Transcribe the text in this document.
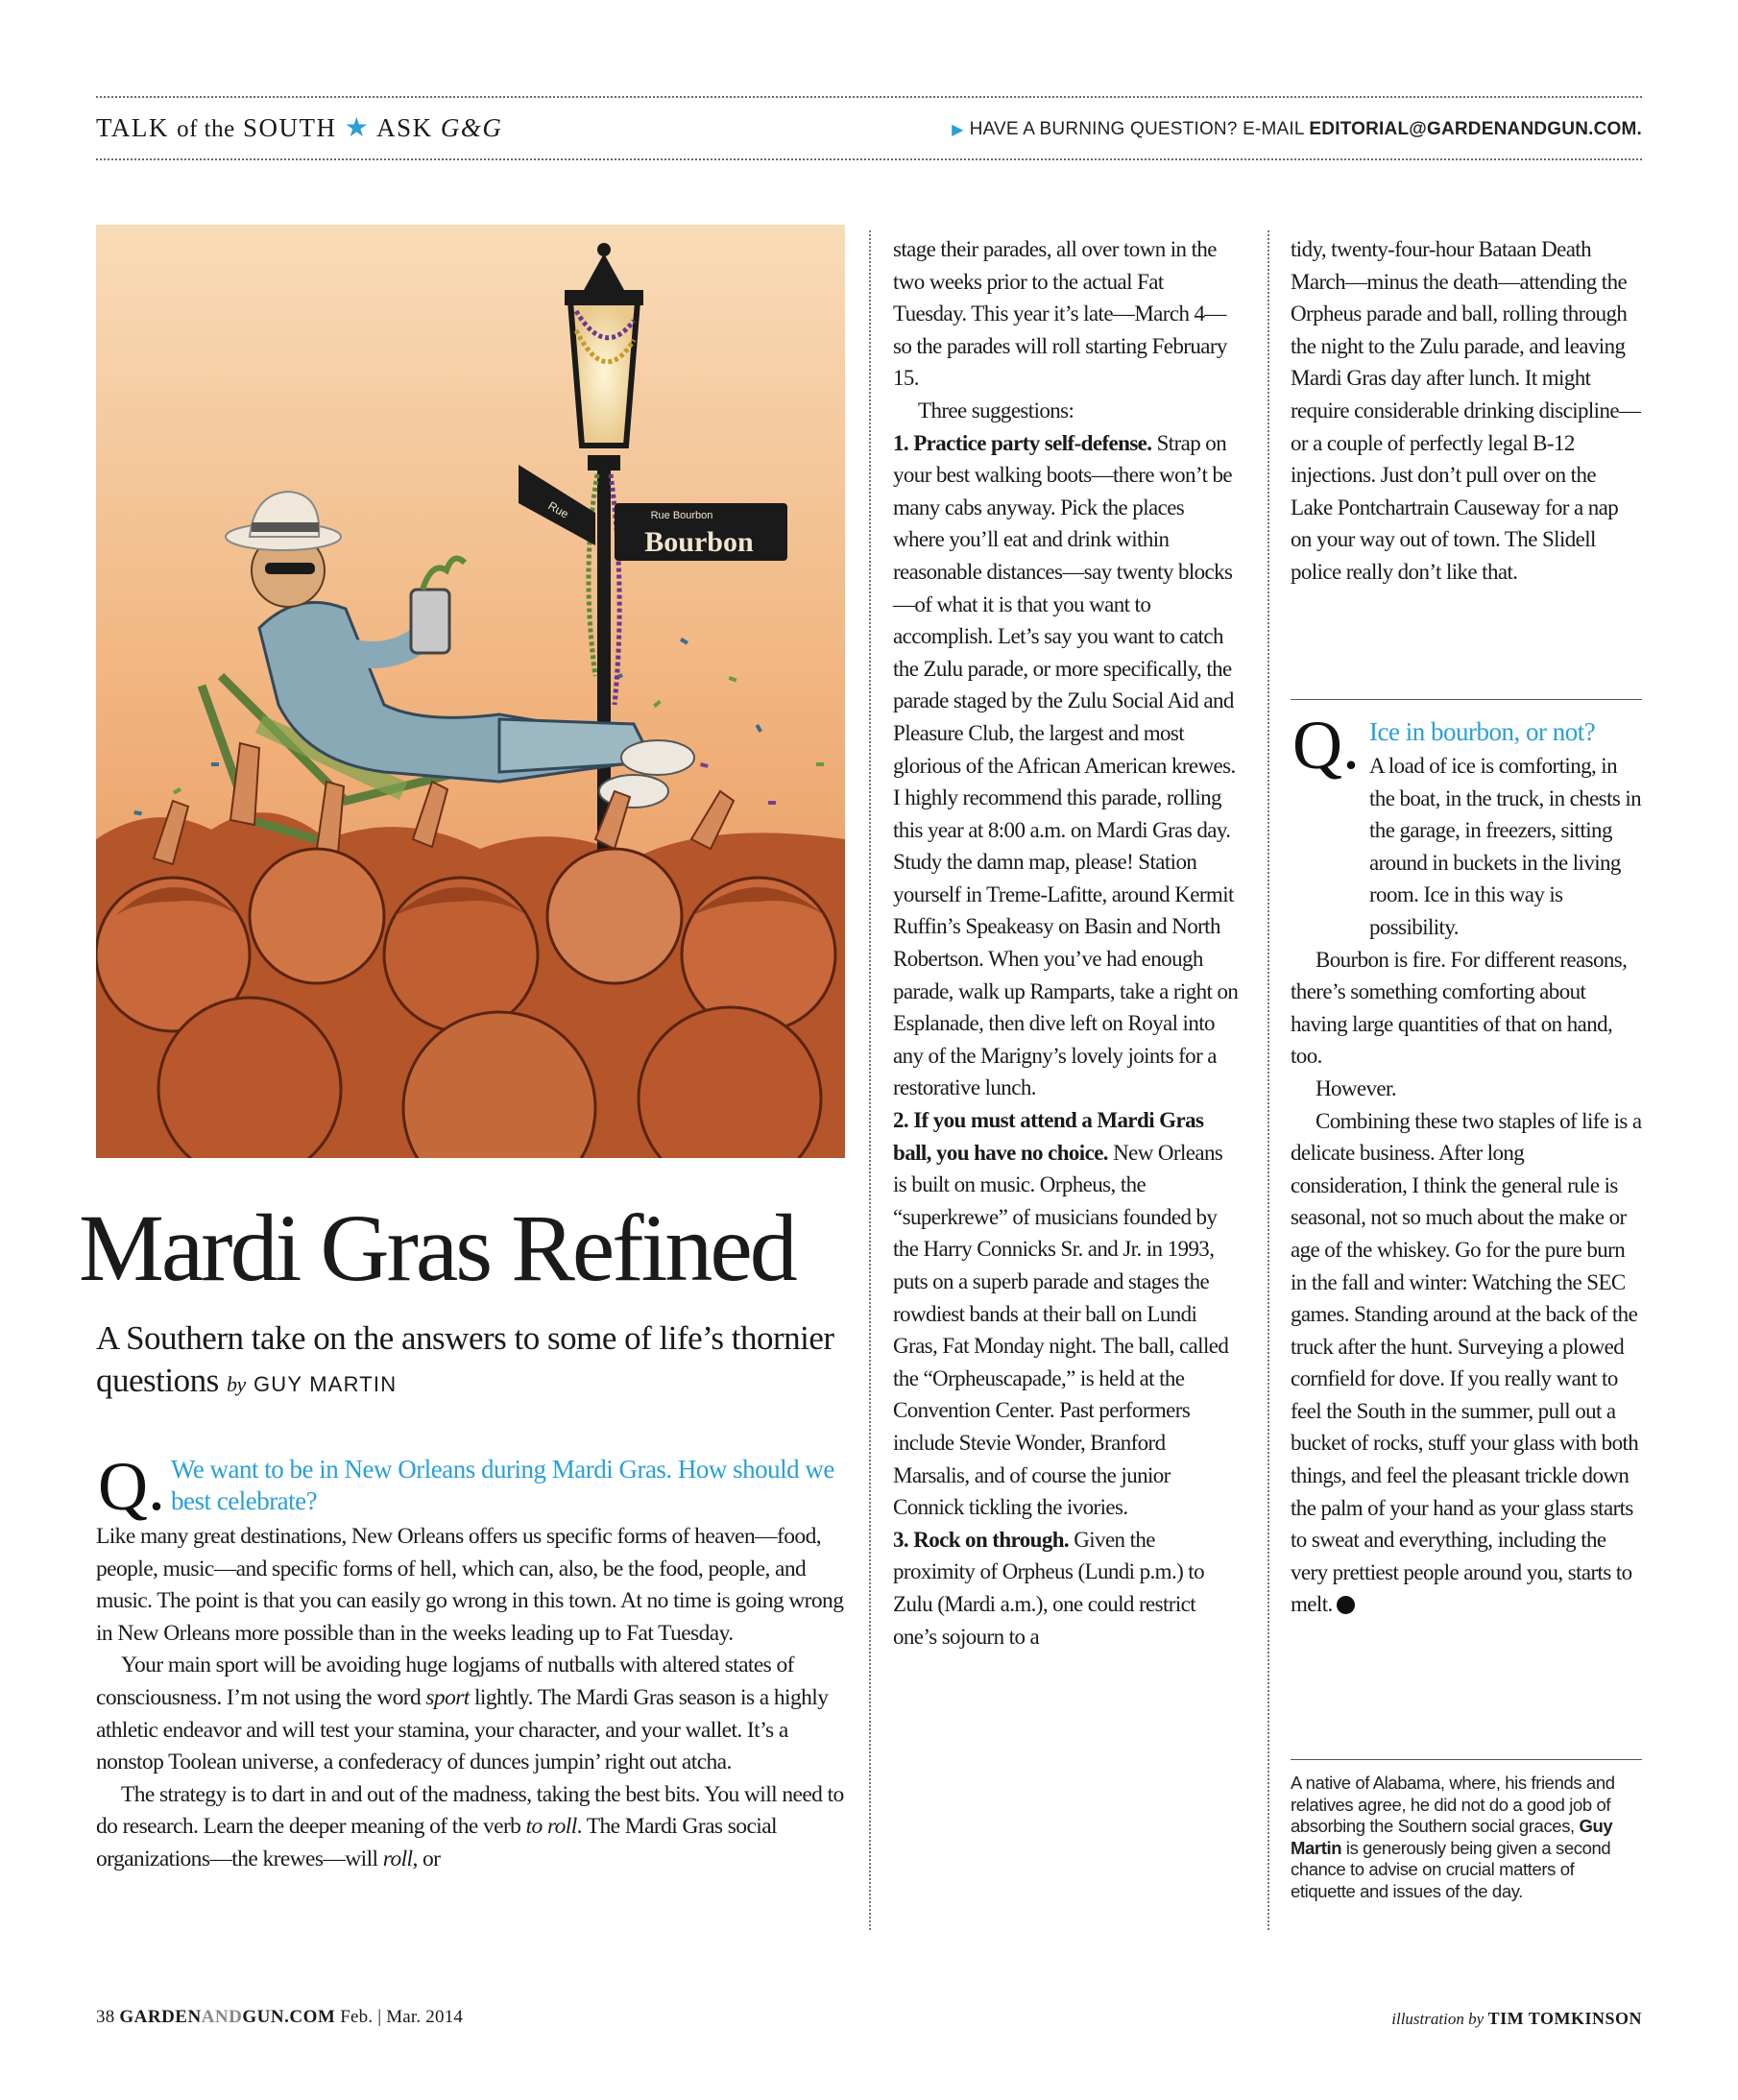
TALK of the SOUTH ★ ASK G&G	▶ HAVE A BURNING QUESTION? E-MAIL EDITORIAL@GARDENANDGUN.COM.
Rue Bourbon
Bourbon
Rue
Mardi Gras Refined
A Southern take on the answers to some of life’s thornier questions by GUY MARTIN
Q. We want to be in New Orleans during Mardi Gras. How should we best celebrate?

Like many great destinations, New Orleans offers us specific forms of heaven—food, people, music—and specific forms of hell, which can, also, be the food, people, and music. The point is that you can easily go wrong in this town. At no time is going wrong in New Orleans more possible than in the weeks leading up to Fat Tuesday.

Your main sport will be avoiding huge logjams of nutballs with altered states of consciousness. I’m not using the word sport lightly. The Mardi Gras season is a highly athletic endeavor and will test your stamina, your character, and your wallet. It’s a nonstop Toolean universe, a confederacy of dunces jumpin’ right out atcha.

The strategy is to dart in and out of the madness, taking the best bits. You will need to do research. Learn the deeper meaning of the verb to roll. The Mardi Gras social organizations—the krewes—will roll, or

stage their parades, all over town in the two weeks prior to the actual Fat Tuesday. This year it’s late—March 4—so the parades will roll starting February 15.

Three suggestions:

1. Practice party self-defense. Strap on your best walking boots—there won’t be many cabs anyway. Pick the places where you’ll eat and drink within reasonable distances—say twenty blocks—of what it is that you want to accomplish. Let’s say you want to catch the Zulu parade, or more specifically, the parade staged by the Zulu Social Aid and Pleasure Club, the largest and most glorious of the African American krewes. I highly recommend this parade, rolling this year at 8:00 a.m. on Mardi Gras day. Study the damn map, please! Station yourself in Treme-Lafitte, around Kermit Ruffin’s Speakeasy on Basin and North Robertson. When you’ve had enough parade, walk up Ramparts, take a right on Esplanade, then dive left on Royal into any of the Marigny’s lovely joints for a restorative lunch.

2. If you must attend a Mardi Gras ball, you have no choice. New Orleans is built on music. Orpheus, the “superkrewe” of musicians founded by the Harry Connicks Sr. and Jr. in 1993, puts on a superb parade and stages the rowdiest bands at their ball on Lundi Gras, Fat Monday night. The ball, called the “Orpheuscapade,” is held at the Convention Center. Past performers include Stevie Wonder, Branford Marsalis, and of course the junior Connick tickling the ivories.

3. Rock on through. Given the proximity of Orpheus (Lundi p.m.) to Zulu (Mardi a.m.), one could restrict one’s sojourn to a

tidy, twenty-four-hour Bataan Death March—minus the death—attending the Orpheus parade and ball, rolling through the night to the Zulu parade, and leaving Mardi Gras day after lunch. It might require considerable drinking discipline—or a couple of perfectly legal B-12 injections. Just don’t pull over on the Lake Pontchartrain Causeway for a nap on your way out of town. The Slidell police really don’t like that.

Q. Ice in bourbon, or not?

A load of ice is comforting, in the boat, in the truck, in chests in the garage, in freezers, sitting around in buckets in the living room. Ice in this way is possibility.

Bourbon is fire. For different reasons, there’s something comforting about having large quantities of that on hand, too.

However.

Combining these two staples of life is a delicate business. After long consideration, I think the general rule is seasonal, not so much about the make or age of the whiskey. Go for the pure burn in the fall and winter: Watching the SEC games. Standing around at the back of the truck after the hunt. Surveying a plowed cornfield for dove. If you really want to feel the South in the summer, pull out a bucket of rocks, stuff your glass with both things, and feel the pleasant trickle down the palm of your hand as your glass starts to sweat and everything, including the very prettiest people around you, starts to melt. G

A native of Alabama, where, his friends and relatives agree, he did not do a good job of absorbing the Southern social graces, Guy Martin is generously being given a second chance to advise on crucial matters of etiquette and issues of the day.
38 GARDENANDGUN.COM Feb. | Mar. 2014	illustration by TIM TOMKINSON
